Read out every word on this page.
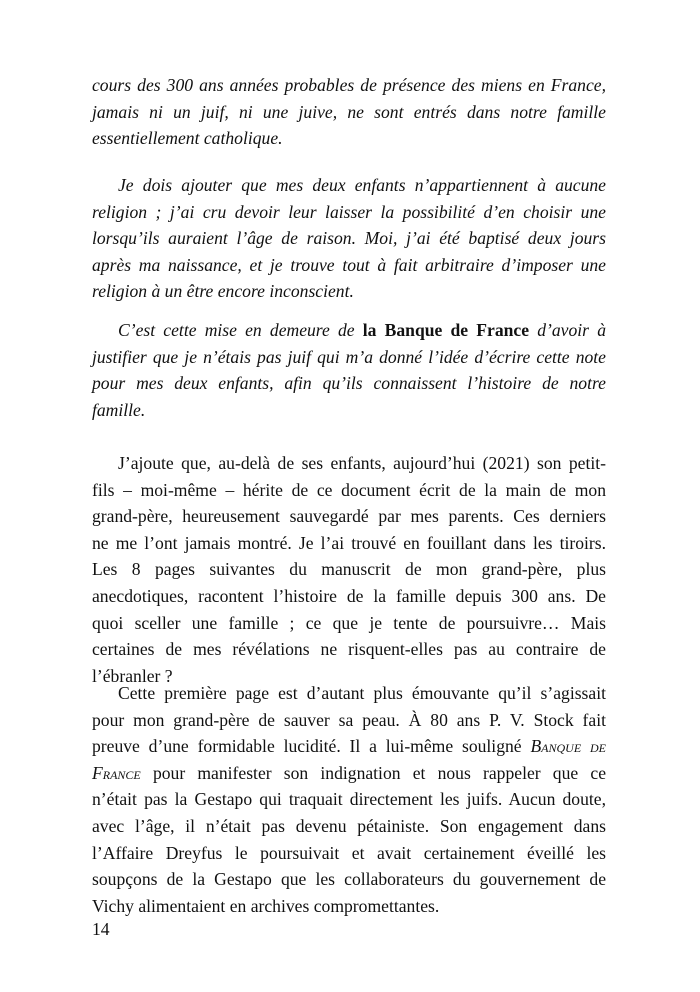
cours des 300 ans années probables de présence des miens en France,
jamais ni un juif, ni une juive, ne sont entrés dans notre famille
essentiellement catholique.
Je dois ajouter que mes deux enfants n’appartiennent à aucune
religion ; j’ai cru devoir leur laisser la possibilité d’en choisir une
lorsqu’ils auraient l’âge de raison. Moi, j’ai été baptisé deux jours
après ma naissance, et je trouve tout à fait arbitraire d’imposer une
religion à un être encore inconscient.
C’est cette mise en demeure de la Banque de France d’avoir à
justifier que je n’étais pas juif qui m’a donné l’idée d’écrire cette note
pour mes deux enfants, afin qu’ils connaissent l’histoire de notre
famille.
J’ajoute que, au-delà de ses enfants, aujourd’hui (2021) son petit-
fils – moi-même – hérite de ce document écrit de la main de mon
grand-père, heureusement sauvegardé par mes parents. Ces derniers
ne me l’ont jamais montré. Je l’ai trouvé en fouillant dans les tiroirs.
Les 8 pages suivantes du manuscrit de mon grand-père, plus
anecdotiques, racontent l’histoire de la famille depuis 300 ans. De
quoi sceller une famille ; ce que je tente de poursuivre… Mais
certaines de mes révélations ne risquent-elles pas au contraire de
l’ébranler ?
Cette première page est d’autant plus émouvante qu’il s’agissait
pour mon grand-père de sauver sa peau. À 80 ans P. V. Stock fait
preuve d’une formidable lucidité. Il a lui-même souligné Banque de
France pour manifester son indignation et nous rappeler que ce
n’était pas la Gestapo qui traquait directement les juifs. Aucun doute,
avec l’âge, il n’était pas devenu pétainiste. Son engagement dans
l’Affaire Dreyfus le poursuivait et avait certainement éveillé les
soupçons de la Gestapo que les collaborateurs du gouvernement de
Vichy alimentaient en archives compromettantes.
14
